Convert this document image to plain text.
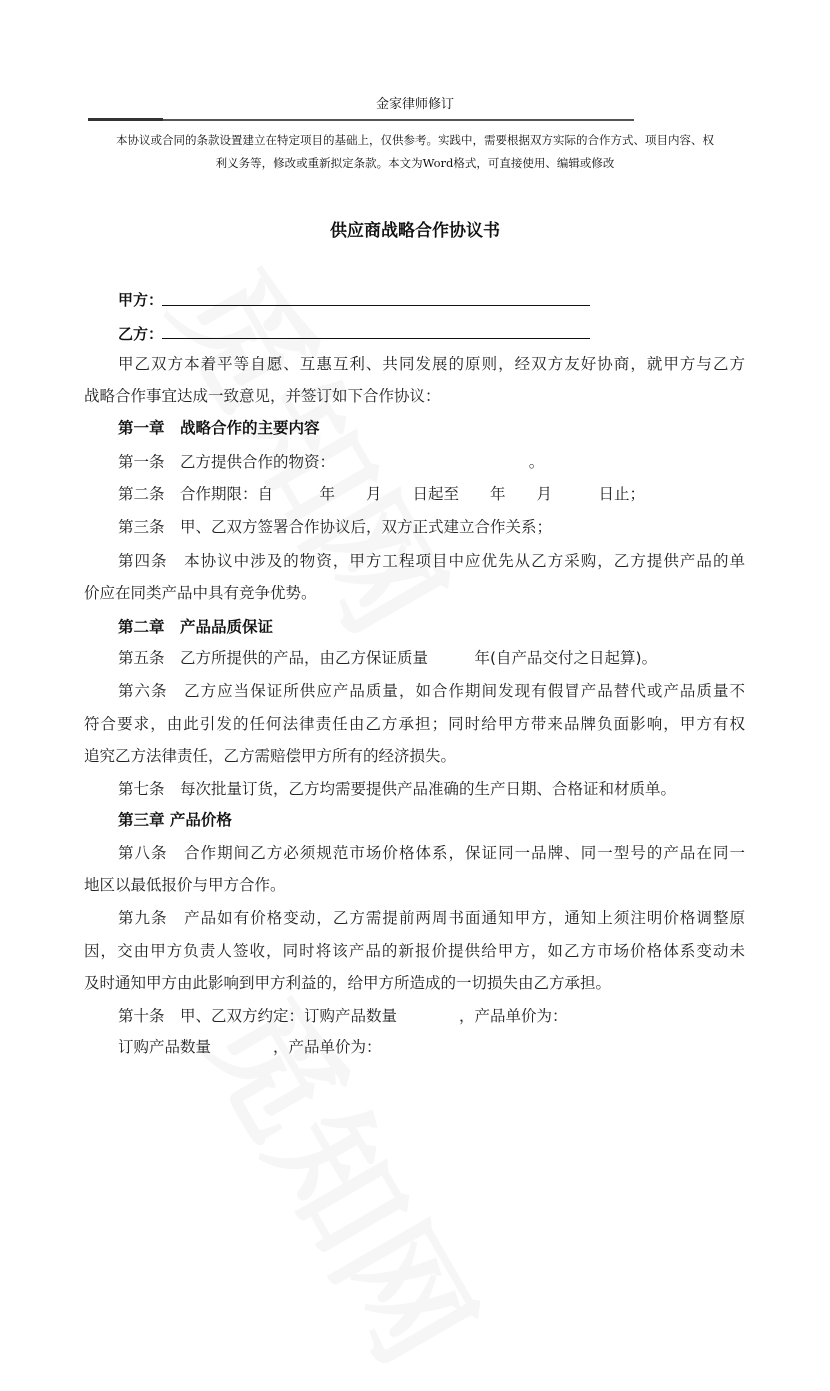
金家律师修订
本协议或合同的条款设置建立在特定项目的基础上，仅供参考。实践中，需要根据双方实际的合作方式、项目内容、权
利义务等，修改或重新拟定条款。本文为Word格式，可直接使用、编辑或修改
供应商战略合作协议书
甲方：
乙方：
甲乙双方本着平等自愿、互惠互利、共同发展的原则，经双方友好协商，就甲方与乙方
战略合作事宜达成一致意见，并签订如下合作协议：
第一章　战略合作的主要内容
第一条　乙方提供合作的物资：　　　　　　　　　　　　　。
第二条　合作期限：自　　　年　　月　　日起至　　年　　月　　　日止；
第三条　甲、乙双方签署合作协议后，双方正式建立合作关系；
第四条　本协议中涉及的物资，甲方工程项目中应优先从乙方采购，乙方提供产品的单
价应在同类产品中具有竞争优势。
第二章　产品品质保证
第五条　乙方所提供的产品，由乙方保证质量　　　年(自产品交付之日起算)。
第六条　乙方应当保证所供应产品质量，如合作期间发现有假冒产品替代或产品质量不
符合要求，由此引发的任何法律责任由乙方承担；同时给甲方带来品牌负面影响，甲方有权
追究乙方法律责任，乙方需赔偿甲方所有的经济损失。
第七条　每次批量订货，乙方均需要提供产品准确的生产日期、合格证和材质单。
第三章 产品价格
第八条　合作期间乙方必须规范市场价格体系，保证同一品牌、同一型号的产品在同一
地区以最低报价与甲方合作。
第九条　产品如有价格变动，乙方需提前两周书面通知甲方，通知上须注明价格调整原
因，交由甲方负责人签收，同时将该产品的新报价提供给甲方，如乙方市场价格体系变动未
及时通知甲方由此影响到甲方利益的，给甲方所造成的一切损失由乙方承担。
第十条　甲、乙双方约定：订购产品数量　　　　，产品单价为：
订购产品数量　　　　，产品单价为：
